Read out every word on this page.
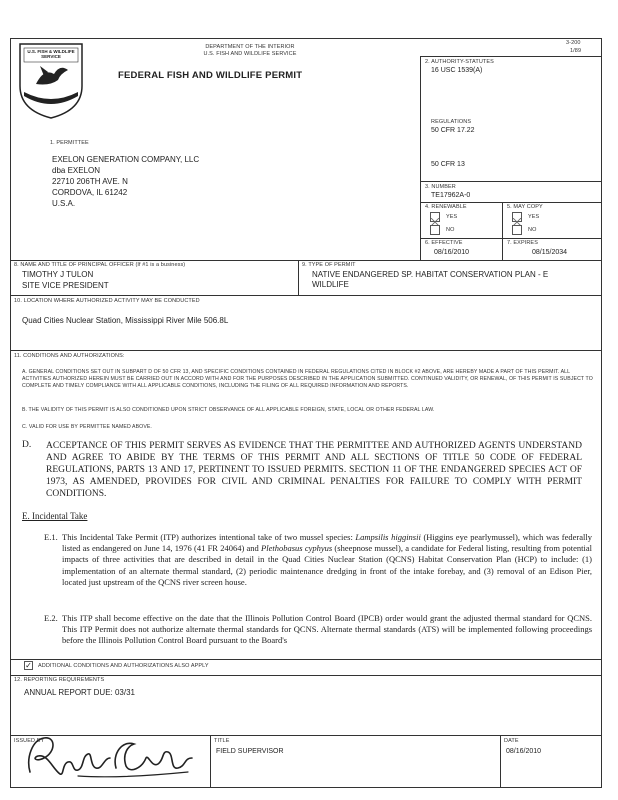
U.S. FISH & WILDLIFE SERVICE
DEPARTMENT OF THE INTERIOR
U.S. FISH AND WILDLIFE SERVICE
FEDERAL FISH AND WILDLIFE PERMIT
3-200
1/89
2. AUTHORITY-STATUTES
16 USC 1539(A)
REGULATIONS
50 CFR 17.22
50 CFR 13
3. NUMBER
TE17962A-0
4. RENEWABLE
YES
NO
5. MAY COPY
YES
NO
6. EFFECTIVE
08/16/2010
7. EXPIRES
08/15/2034
1. PERMITTEE
EXELON GENERATION COMPANY, LLC
dba EXELON
22710 206TH AVE. N
CORDOVA, IL 61242
U.S.A.
8. NAME AND TITLE OF PRINCIPAL OFFICER (If #1 is a business)
TIMOTHY J TULON
SITE VICE PRESIDENT
9. TYPE OF PERMIT
NATIVE ENDANGERED SP. HABITAT CONSERVATION PLAN - E
WILDLIFE
10. LOCATION WHERE AUTHORIZED ACTIVITY MAY BE CONDUCTED
Quad Cities Nuclear Station, Mississippi River Mile 506.8L
11. CONDITIONS AND AUTHORIZATIONS:
A. GENERAL CONDITIONS SET OUT IN SUBPART D OF 50 CFR 13, AND SPECIFIC CONDITIONS CONTAINED IN FEDERAL REGULATIONS CITED IN BLOCK #2 ABOVE, ARE HEREBY MADE A PART OF THIS PERMIT. ALL ACTIVITIES AUTHORIZED HEREIN MUST BE CARRIED OUT IN ACCORD WITH AND FOR THE PURPOSES DESCRIBED IN THE APPLICATION SUBMITTED. CONTINUED VALIDITY, OR RENEWAL, OF THIS PERMIT IS SUBJECT TO COMPLETE AND TIMELY COMPLIANCE WITH ALL APPLICABLE CONDITIONS, INCLUDING THE FILING OF ALL REQUIRED INFORMATION AND REPORTS.
B. THE VALIDITY OF THIS PERMIT IS ALSO CONDITIONED UPON STRICT OBSERVANCE OF ALL APPLICABLE FOREIGN, STATE, LOCAL OR OTHER FEDERAL LAW.
C. VALID FOR USE BY PERMITTEE NAMED ABOVE.
D. ACCEPTANCE OF THIS PERMIT SERVES AS EVIDENCE THAT THE PERMITTEE AND AUTHORIZED AGENTS UNDERSTAND AND AGREE TO ABIDE BY THE TERMS OF THIS PERMIT AND ALL SECTIONS OF TITLE 50 CODE OF FEDERAL REGULATIONS, PARTS 13 AND 17, PERTINENT TO ISSUED PERMITS. SECTION 11 OF THE ENDANGERED SPECIES ACT OF 1973, AS AMENDED, PROVIDES FOR CIVIL AND CRIMINAL PENALTIES FOR FAILURE TO COMPLY WITH PERMIT CONDITIONS.
E. Incidental Take
E.1. This Incidental Take Permit (ITP) authorizes intentional take of two mussel species: Lampsilis higginsii (Higgins eye pearlymussel), which was federally listed as endangered on June 14, 1976 (41 FR 24064) and Plethobasus cyphyus (sheepnose mussel), a candidate for Federal listing, resulting from potential impacts of three activities that are described in detail in the Quad Cities Nuclear Station (QCNS) Habitat Conservation Plan (HCP) to include: (1) implementation of an alternate thermal standard, (2) periodic maintenance dredging in front of the intake forebay, and (3) removal of an Edison Pier, located just upstream of the QCNS river screen house.
E.2. This ITP shall become effective on the date that the Illinois Pollution Control Board (IPCB) order would grant the adjusted thermal standard for QCNS. This ITP Permit does not authorize alternate thermal standards for QCNS. Alternate thermal standards (ATS) will be implemented following proceedings before the Illinois Pollution Control Board pursuant to the Board's
✓ ADDITIONAL CONDITIONS AND AUTHORIZATIONS ALSO APPLY
12. REPORTING REQUIREMENTS
ANNUAL REPORT DUE: 03/31
ISSUED BY	TITLE
FIELD SUPERVISOR
DATE
08/16/2010
